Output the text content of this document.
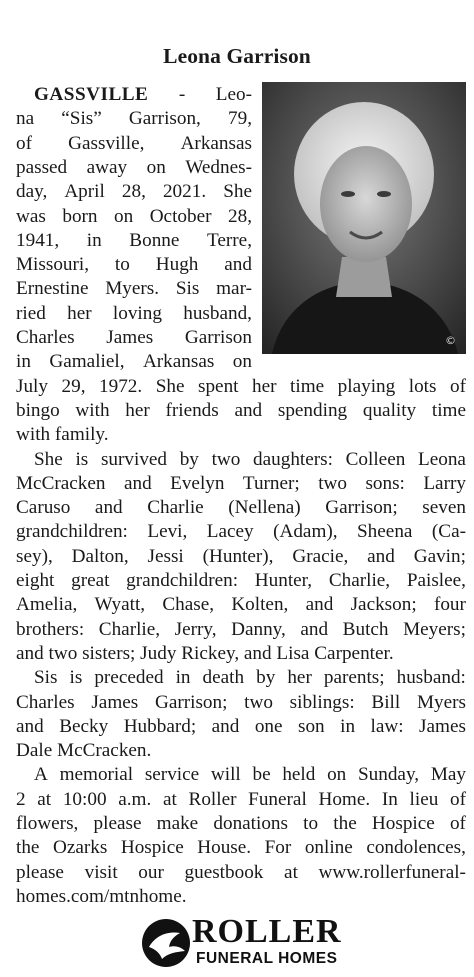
Leona Garrison
©
GASSVILLE - Leo-
na “Sis” Garrison, 79,
of Gassville, Arkansas
passed away on Wednes-
day, April 28, 2021. She
was born on October 28,
1941, in Bonne Terre,
Missouri, to Hugh and
Ernestine Myers. Sis mar-
ried her loving husband,
Charles James Garrison
in Gamaliel, Arkansas on
July 29, 1972. She spent her time playing lots of
bingo with her friends and spending quality time
with family.
She is survived by two daughters: Colleen Leona
McCracken and Evelyn Turner; two sons: Larry
Caruso and Charlie (Nellena) Garrison; seven
grandchildren: Levi, Lacey (Adam), Sheena (Ca-
sey), Dalton, Jessi (Hunter), Gracie, and Gavin;
eight great grandchildren: Hunter, Charlie, Paislee,
Amelia, Wyatt, Chase, Kolten, and Jackson; four
brothers: Charlie, Jerry, Danny, and Butch Meyers;
and two sisters; Judy Rickey, and Lisa Carpenter.
Sis is preceded in death by her parents; husband:
Charles James Garrison; two siblings: Bill Myers
and Becky Hubbard; and one son in law: James
Dale McCracken.
A memorial service will be held on Sunday, May
2 at 10:00 a.m. at Roller Funeral Home. In lieu of
flowers, please make donations to the Hospice of
the Ozarks Hospice House. For online condolences,
please visit our guestbook at www.rollerfuneral-
homes.com/mtnhome.
ROLLER
FUNERAL HOMES
